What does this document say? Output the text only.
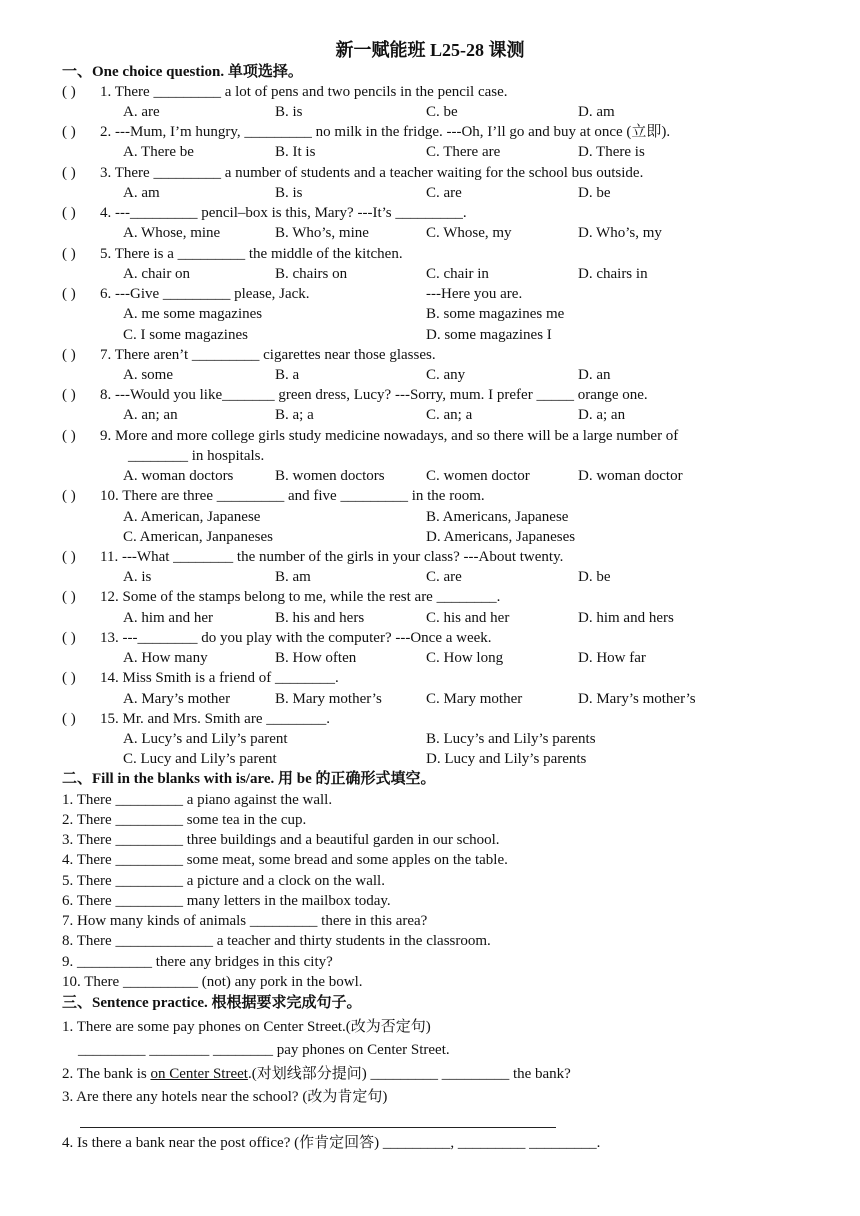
新一赋能班 L25-28 课测
一、One choice question. 单项选择。
( ) 1. There _________ a lot of pens and two pencils in the pencil case.
A. are	B. is	C. be	D. am
( ) 2. ---Mum, I’m hungry, _________ no milk in the fridge. ---Oh, I’ll go and buy at once (立即).
A. There be	B. It is	C. There are	D. There is
( ) 3. There _________ a number of students and a teacher waiting for the school bus outside.
A. am	B. is	C. are	D. be
( ) 4. ---_________ pencil–box is this, Mary? ---It’s _________.
A. Whose, mine	B. Who’s, mine	C. Whose, my	D. Who’s, my
( ) 5. There is a _________ the middle of the kitchen.
A. chair on	B. chairs on	C. chair in	D. chairs in
( ) 6. ---Give _________ please, Jack.	---Here you are.
A. me some magazines	B. some magazines me
C. I some magazines	D. some magazines I
( ) 7. There aren’t _________ cigarettes near those glasses.
A. some	B. a	C. any	D. an
( ) 8. ---Would you like_______ green dress, Lucy? ---Sorry, mum. I prefer _____ orange one.
A. an; an	B. a; a	C. an; a	D. a; an
( ) 9. More and more college girls study medicine nowadays, and so there will be a large number of
________ in hospitals.
A. woman doctors	B. women doctors	C. women doctor	D. woman doctor
( ) 10. There are three _________ and five _________ in the room.
A. American, Japanese	B. Americans, Japanese
C. American, Janpaneses	D. Americans, Japaneses
( ) 11. ---What ________ the number of the girls in your class? ---About twenty.
A. is	B. am	C. are	D. be
( ) 12. Some of the stamps belong to me, while the rest are ________.
A. him and her	B. his and hers	C. his and her	D. him and hers
( ) 13. ---________ do you play with the computer? ---Once a week.
A. How many	B. How often	C. How long	D. How far
( ) 14. Miss Smith is a friend of ________.
A. Mary’s mother	B. Mary mother’s	C. Mary mother	D. Mary’s mother’s
( ) 15. Mr. and Mrs. Smith are ________.
A. Lucy’s and Lily’s parent	B. Lucy’s and Lily’s parents
C. Lucy and Lily’s parent	D. Lucy and Lily’s parents
二、Fill in the blanks with is/are. 用 be 的正确形式填空。
1. There _________ a piano against the wall.
2. There _________ some tea in the cup.
3. There _________ three buildings and a beautiful garden in our school.
4. There _________ some meat, some bread and some apples on the table.
5. There _________ a picture and a clock on the wall.
6. There _________ many letters in the mailbox today.
7. How many kinds of animals _________ there in this area?
8. There _____________ a teacher and thirty students in the classroom.
9. __________ there any bridges in this city?
10. There __________ (not) any pork in the bowl.
三、Sentence practice. 根根据要求完成句子。
1. There are some pay phones on Center Street.(改为否定句)
_________ ________ ________ pay phones on Center Street.
2. The bank is on Center Street.(对划线部分提问) _________ _________ the bank?
3. Are there any hotels near the school? (改为肯定句)
4. Is there a bank near the post office? (作肯定回答) _________, _________ _________.
